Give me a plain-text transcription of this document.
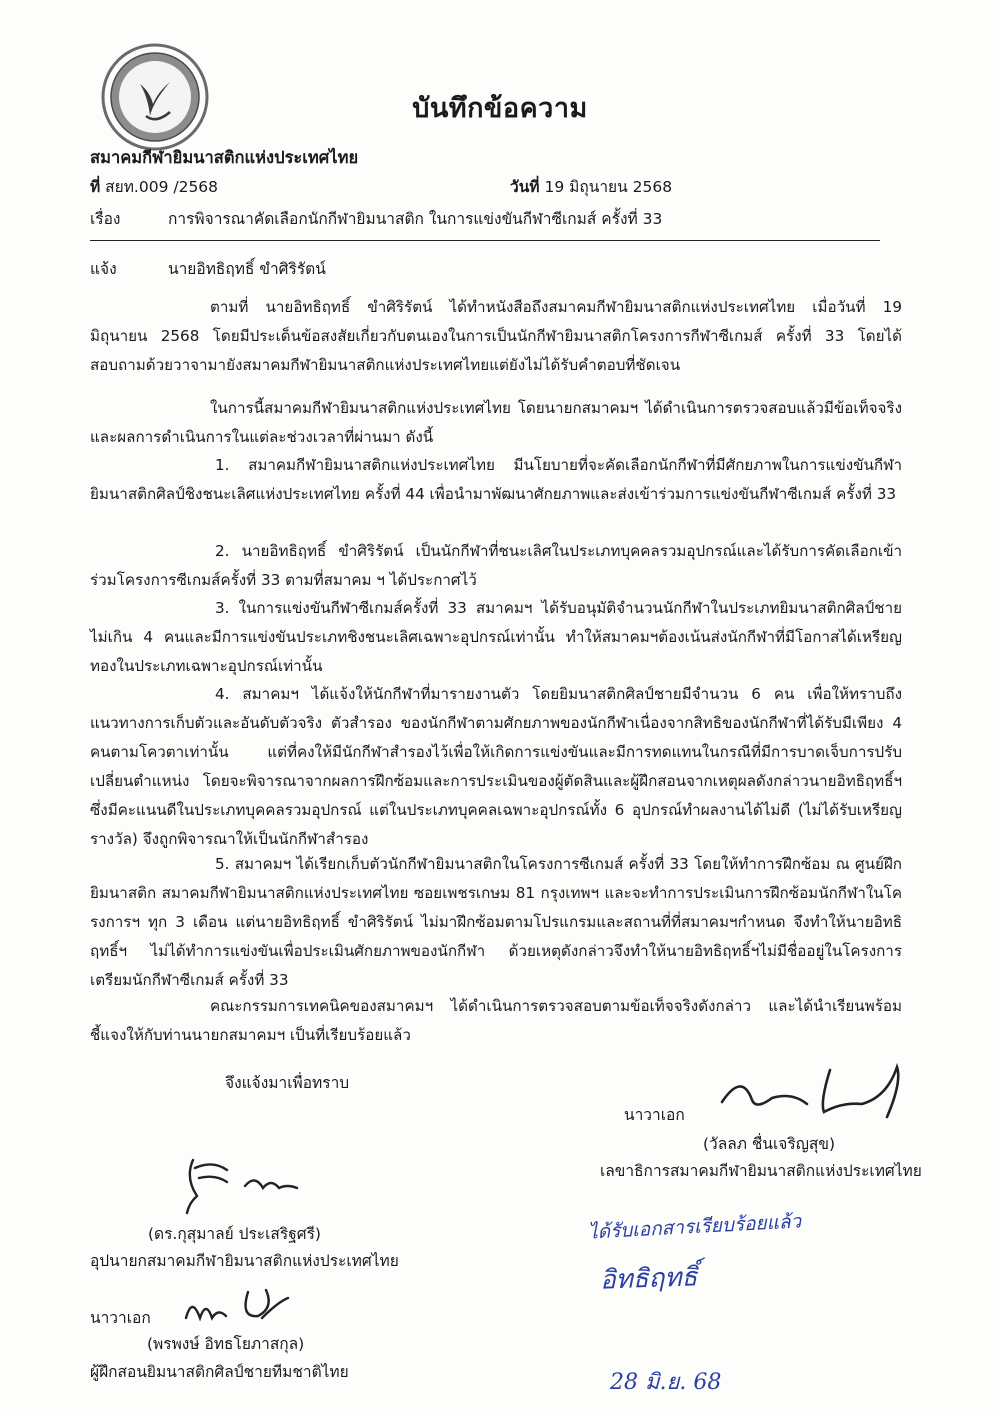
บันทึกข้อความ
สมาคมกีฬายิมนาสติกแห่งประเทศไทย
ที่ สยท.009 /2568	วันที่ 19 มิถุนายน 2568
เรื่อง	การพิจารณาคัดเลือกนักกีฬายิมนาสติก ในการแข่งขันกีฬาซีเกมส์ ครั้งที่ 33
แจ้ง	นายอิทธิฤทธิ์ ขำศิริรัตน์
ตามที่ นายอิทธิฤทธิ์ ขำศิริรัตน์ ได้ทำหนังสือถึงสมาคมกีฬายิมนาสติกแห่งประเทศไทย เมื่อวันที่ 19 มิถุนายน 2568 โดยมีประเด็นข้อสงสัยเกี่ยวกับตนเองในการเป็นนักกีฬายิมนาสติกโครงการกีฬาซีเกมส์ ครั้งที่ 33 โดยได้สอบถามด้วยวาจามายังสมาคมกีฬายิมนาสติกแห่งประเทศไทยแต่ยังไม่ได้รับคำตอบที่ชัดเจน
ในการนี้สมาคมกีฬายิมนาสติกแห่งประเทศไทย โดยนายกสมาคมฯ ได้ดำเนินการตรวจสอบแล้วมีข้อเท็จจริงและผลการดำเนินการในแต่ละช่วงเวลาที่ผ่านมา ดังนี้
1. สมาคมกีฬายิมนาสติกแห่งประเทศไทย มีนโยบายที่จะคัดเลือกนักกีฬาที่มีศักยภาพในการแข่งขันกีฬายิมนาสติกศิลป์ชิงชนะเลิศแห่งประเทศไทย ครั้งที่ 44 เพื่อนำมาพัฒนาศักยภาพและส่งเข้าร่วมการแข่งขันกีฬาซีเกมส์ ครั้งที่ 33
2. นายอิทธิฤทธิ์ ขำศิริรัตน์ เป็นนักกีฬาที่ชนะเลิศในประเภทบุคคลรวมอุปกรณ์และได้รับการคัดเลือกเข้าร่วมโครงการซีเกมส์ครั้งที่ 33 ตามที่สมาคม ฯ ได้ประกาศไว้
3. ในการแข่งขันกีฬาซีเกมส์ครั้งที่ 33 สมาคมฯ ได้รับอนุมัติจำนวนนักกีฬาในประเภทยิมนาสติกศิลป์ชาย ไม่เกิน 4 คนและมีการแข่งขันประเภทชิงชนะเลิศเฉพาะอุปกรณ์เท่านั้น ทำให้สมาคมฯต้องเน้นส่งนักกีฬาที่มีโอกาสได้เหรียญทองในประเภทเฉพาะอุปกรณ์เท่านั้น
4. สมาคมฯ ได้แจ้งให้นักกีฬาที่มารายงานตัว โดยยิมนาสติกศิลป์ชายมีจำนวน 6 คน เพื่อให้ทราบถึงแนวทางการเก็บตัวและอันดับตัวจริง ตัวสำรอง ของนักกีฬาตามศักยภาพของนักกีฬาเนื่องจากสิทธิของนักกีฬาที่ได้รับมีเพียง 4 คนตามโควตาเท่านั้น แต่ที่คงให้มีนักกีฬาสำรองไว้เพื่อให้เกิดการแข่งขันและมีการทดแทนในกรณีที่มีการบาดเจ็บการปรับเปลี่ยนตำแหน่ง โดยจะพิจารณาจากผลการฝึกซ้อมและการประเมินของผู้ตัดสินและผู้ฝึกสอนจากเหตุผลดังกล่าวนายอิทธิฤทธิ์ฯ ซึ่งมีคะแนนดีในประเภทบุคคลรวมอุปกรณ์ แต่ในประเภทบุคคลเฉพาะอุปกรณ์ทั้ง 6 อุปกรณ์ทำผลงานได้ไม่ดี (ไม่ได้รับเหรียญรางวัล) จึงถูกพิจารณาให้เป็นนักกีฬาสำรอง
5. สมาคมฯ ได้เรียกเก็บตัวนักกีฬายิมนาสติกในโครงการซีเกมส์ ครั้งที่ 33 โดยให้ทำการฝึกซ้อม ณ ศูนย์ฝึกยิมนาสติก สมาคมกีฬายิมนาสติกแห่งประเทศไทย ซอยเพชรเกษม 81 กรุงเทพฯ และจะทำการประเมินการฝึกซ้อมนักกีฬาในโครงการฯ ทุก 3 เดือน แต่นายอิทธิฤทธิ์ ขำศิริรัตน์ ไม่มาฝึกซ้อมตามโปรแกรมและสถานที่ที่สมาคมฯกำหนด จึงทำให้นายอิทธิฤทธิ์ฯ ไม่ได้ทำการแข่งขันเพื่อประเมินศักยภาพของนักกีฬา ด้วยเหตุดังกล่าวจึงทำให้นายอิทธิฤทธิ์ฯไม่มีชื่ออยู่ในโครงการเตรียมนักกีฬาซีเกมส์ ครั้งที่ 33
คณะกรรมการเทคนิคของสมาคมฯ ได้ดำเนินการตรวจสอบตามข้อเท็จจริงดังกล่าว และได้นำเรียนพร้อมชี้แจงให้กับท่านนายกสมาคมฯ เป็นที่เรียบร้อยแล้ว
จึงแจ้งมาเพื่อทราบ
นาวาเอก
(วัลลภ ชื่นเจริญสุข)
เลขาธิการสมาคมกีฬายิมนาสติกแห่งประเทศไทย
(ดร.กุสุมาลย์ ประเสริฐศรี)
อุปนายกสมาคมกีฬายิมนาสติกแห่งประเทศไทย
นาวาเอก
(พรพงษ์ อิทธโยภาสกุล)
ผู้ฝึกสอนยิมนาสติกศิลป์ชายทีมชาติไทย
ได้รับเอกสารเรียบร้อยแล้ว
อิทธิฤทธิ์
28 มิ.ย. 68
